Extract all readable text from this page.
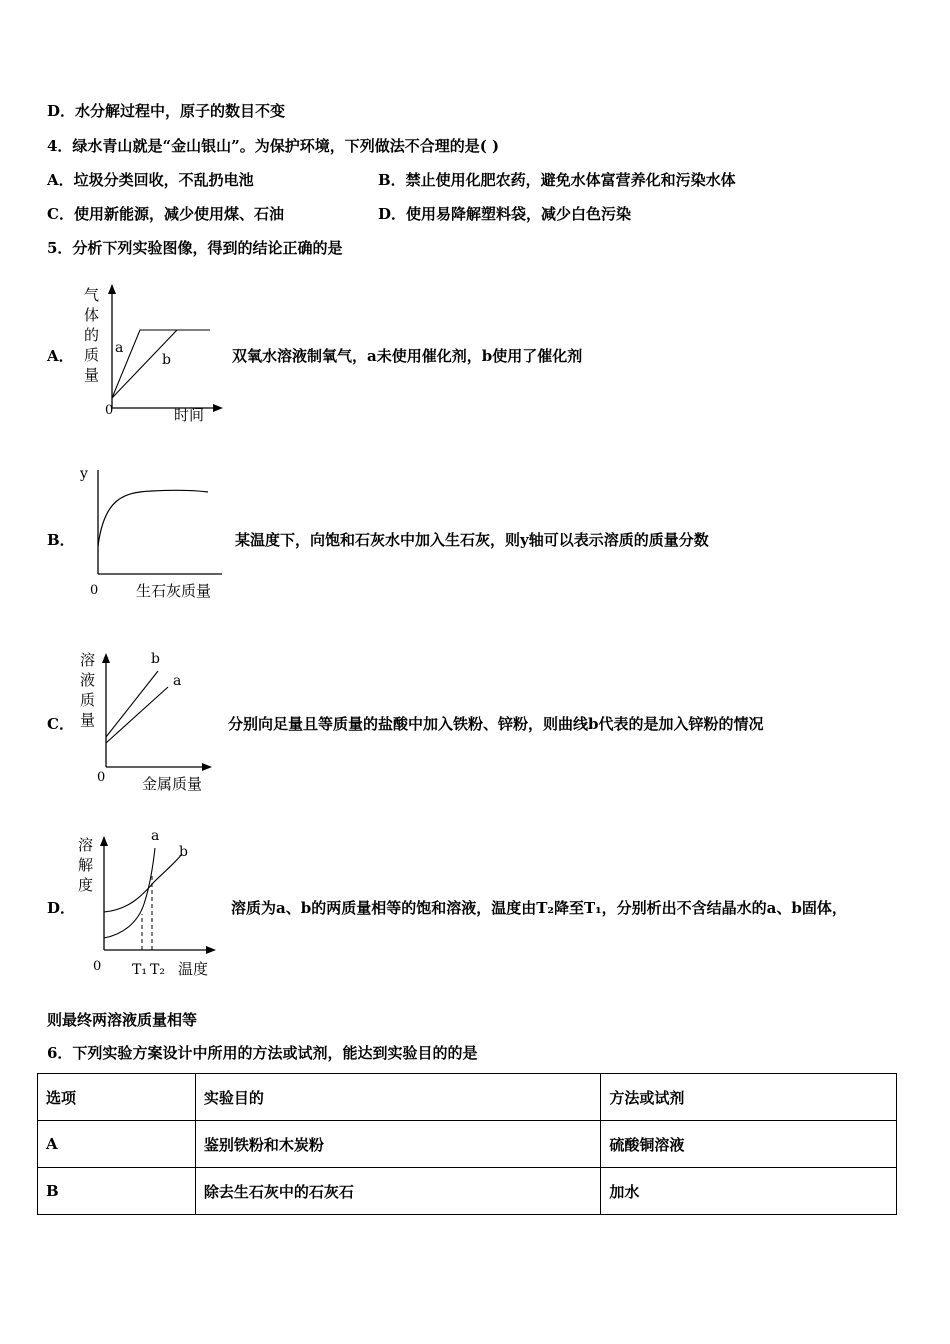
D．水分解过程中，原子的数目不变
4．绿水青山就是“金山银山”。为保护环境，下列做法不合理的是( )
A．垃圾分类回收，不乱扔电池	B．禁止使用化肥农药，避免水体富营养化和污染水体
C．使用新能源，减少使用煤、石油	D．使用易降解塑料袋，减少白色污染
5．分析下列实验图像，得到的结论正确的是
A．
气
体
的
质
量
a
b
0	时间
双氧水溶液制氧气，a未使用催化剂，b使用了催化剂
B．
y
0	生石灰质量
某温度下，向饱和石灰水中加入生石灰，则y轴可以表示溶质的质量分数
C．
溶
液
质
量
b
a
0 金属质量
分别向足量且等质量的盐酸中加入铁粉、锌粉，则曲线b代表的是加入锌粉的情况
D．
溶
解
度
a
b
0 T₁ T₂ 温度
溶质为a、b的两质量相等的饱和溶液，温度由T₂降至T₁，分别析出不含结晶水的a、b固体，
则最终两溶液质量相等
6．下列实验方案设计中所用的方法或试剂，能达到实验目的的是
选项	实验目的	方法或试剂
A	鉴别铁粉和木炭粉	硫酸铜溶液
B	除去生石灰中的石灰石	加水
